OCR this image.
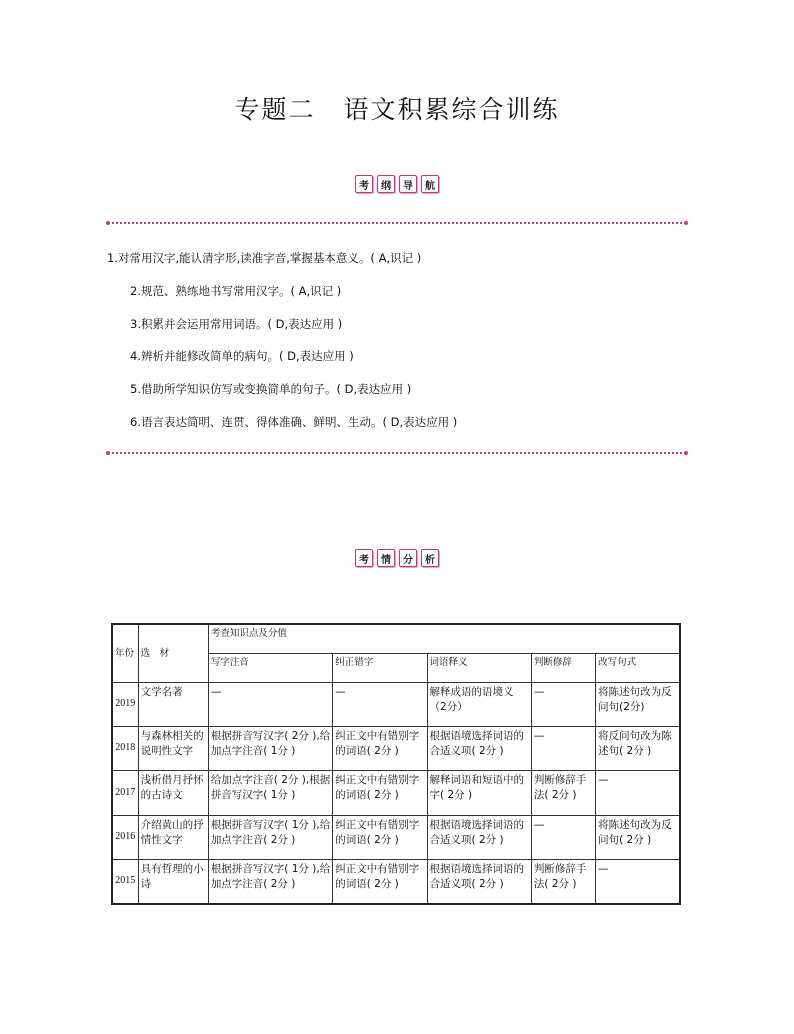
专题二 语文积累综合训练
考	纲	导	航
1.对常用汉字,能认清字形,读准字音,掌握基本意义。( A,识记 )
2.规范、熟练地书写常用汉字。( A,识记 )
3.积累并会运用常用词语。( D,表达应用 )
4.辨析并能修改简单的病句。( D,表达应用 )
5.借助所学知识仿写或变换简单的句子。( D,表达应用 )
6.语言表达简明、连贯、得体准确、鲜明、生动。( D,表达应用 )
考	情	分	析
年份	选　材	考查知识点及分值				
		写字注音	纠正错字	词语释义	判断修辞	改写句式
2019	文学名著	—	—	解释成语的语境义（2分）	—	将陈述句改为反问句(2分)
2018	与森林相关的说明性文字	根据拼音写汉字( 2分 ),给加点字注音( 1分 )	纠正文中有错别字的词语( 2分 )	根据语境选择词语的合适义项( 2分 )	—	将反问句改为陈述句( 2分 )
2017	浅析借月抒怀的古诗文	给加点字注音( 2分 ),根据拼音写汉字( 1分 )	纠正文中有错别字的词语( 2分 )	解释词语和短语中的字( 2分 )	判断修辞手法( 2分 )	—
2016	介绍黄山的抒情性文字	根据拼音写汉字( 1分 ),给加点字注音( 2分 )	纠正文中有错别字的词语( 2分 )	根据语境选择词语的合适义项( 2分 )	—	将陈述句改为反问句( 2分 )
2015	具有哲理的小诗	根据拼音写汉字( 1分 ),给加点字注音( 2分 )	纠正文中有错别字的词语( 2分 )	根据语境选择词语的合适义项( 2分 )	判断修辞手法( 2分 )	—
